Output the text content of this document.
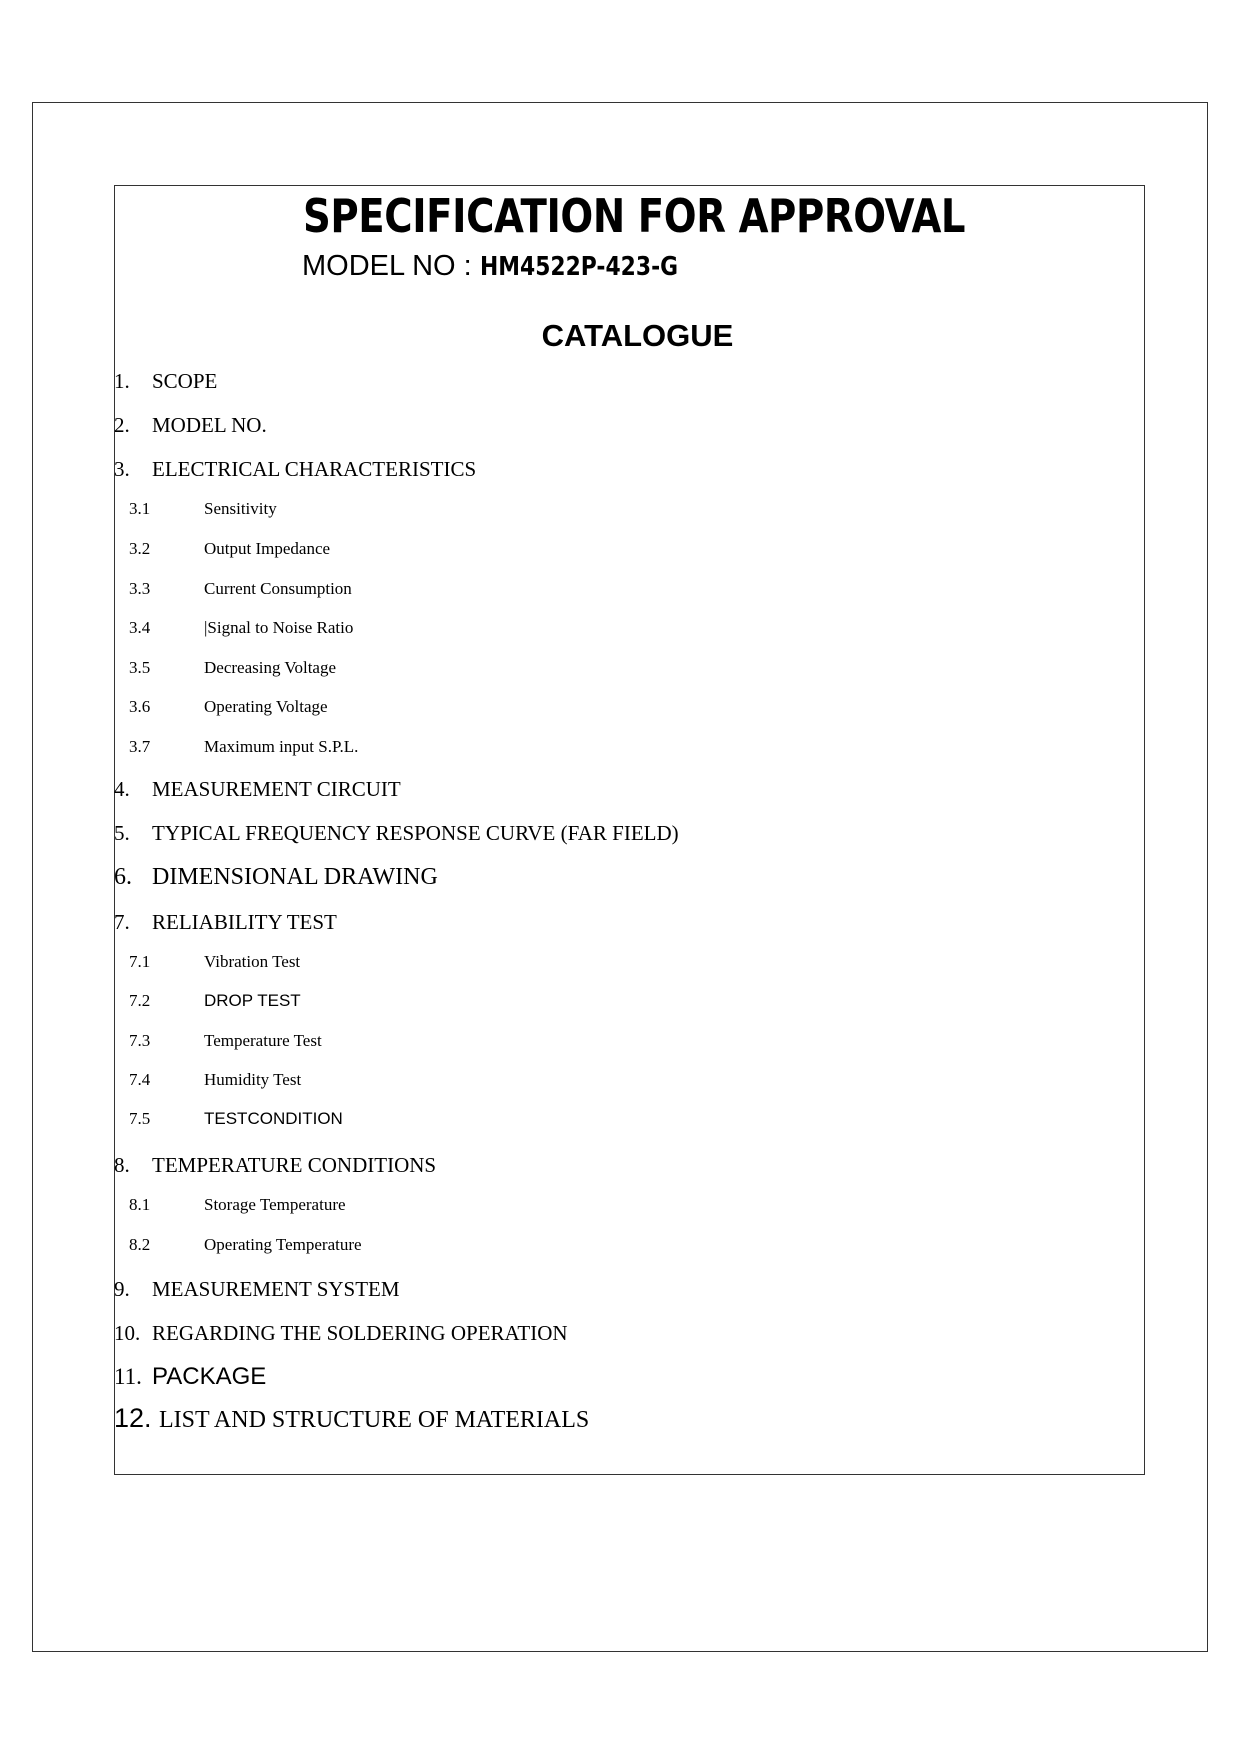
SPECIFICATION FOR APPROVAL
MODEL NO : HM4522P-423-G
CATALOGUE
1. SCOPE
2. MODEL NO.
3. ELECTRICAL CHARACTERISTICS
3.1	Sensitivity
3.2	Output Impedance
3.3	Current Consumption
3.4	|Signal to Noise Ratio
3.5	Decreasing Voltage
3.6	Operating Voltage
3.7	Maximum input S.P.L.
4. MEASUREMENT CIRCUIT
5. TYPICAL FREQUENCY RESPONSE CURVE (FAR FIELD)
6. DIMENSIONAL DRAWING
7. RELIABILITY TEST
7.1	Vibration Test
7.2	DROP TEST
7.3	Temperature Test
7.4	Humidity Test
7.5	TESTCONDITION
8. TEMPERATURE CONDITIONS
8.1	Storage Temperature
8.2	Operating Temperature
9. MEASUREMENT SYSTEM
10. REGARDING THE SOLDERING OPERATION
11. PACKAGE
12. LIST AND STRUCTURE OF MATERIALS
